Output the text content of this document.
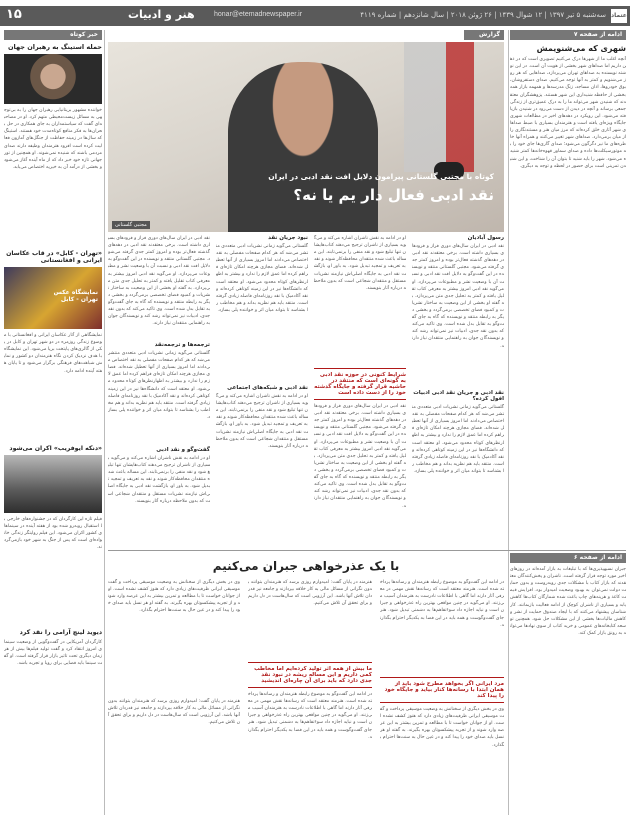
۱۵	هنر و ادبیات	honar@etemadnewspaper.ir	سه‌شنبه ۵ تیر ۱۳۹۷ | ۱۲ شوال ۱۴۳۹ | ۲۶ ژوئن ۲۰۱۸ | سال شانزدهم | شماره ۴۱۱۹ اعتماد
ادامه از صفحه ۷
شهری که می‌شنویمش
آنچه اغلب ما از شهرها درک می‌کنیم تصویری است که در ذهن داریم اما صداهای شهر بخشی از هویت آن است. در این نوشته نویسنده به صداهای تهران می‌پردازد، صداهایی که هر روز می‌شنویم و کمتر به آنها توجه می‌کنیم. صدای دستفروشان، بوق خودروها، اذان مساجد، زنگ مدرسه‌ها و همهمه بازار همه بخشی از حافظه شنیداری این شهر هستند. پژوهشگران معتقدند که شنیدن شهر می‌تواند ما را به درک عمیق‌تری از زندگی جمعی برساند و آنچه در دیدن از دست می‌رود در شنیدن بازیافته می‌شود. این رویکرد در دهه‌های اخیر در مطالعات شهری جایگاه ویژه‌ای یافته است و هنرمندان بسیاری با ضبط صداهای شهر آثاری خلق کرده‌اند که مرز میان هنر و مستندنگاری را از میان برمی‌دارد. صداهای شهر تغییر می‌کنند و همراه آنها خاطره‌های ما نیز دگرگون می‌شود؛ صدای گاری‌ها جای خود را به موتورسیکلت‌ها داده و صدای سماور قهوه‌خانه‌ها کمتر شنیده می‌شود. شهر را باید شنید تا بتوان آن را شناخت، و این شنیدن تمرینی است برای حضور در لحظه و توجه به دیگری.
خبر کوتاه
حمله استینگ به رهبران جهان
خواننده مشهور بریتانیایی رهبران جهان را به بی‌توجهی به مسائل زیست‌محیطی متهم کرد. او در مصاحبه‌ای گفت که سیاستمداران به جای همکاری در حل بحران‌ها به فکر منافع کوتاه‌مدت خود هستند. استینگ که سال‌ها در زمینه حفاظت از جنگل‌های آمازون فعالیت کرده است افزود هنرمندان وظیفه دارند صدای مردمی باشند که شنیده نمی‌شوند. او همچنین از تور جهانی تازه خود خبر داد که از ماه آینده آغاز می‌شود و بخشی از درآمد آن به خیریه اختصاص می‌یابد.
«تهران - کابل» در قاب عکاسان ایرانی و افغانستانی
نمایشگاه عکس تهران - کابل
نمایشگاهی از آثار عکاسان ایرانی و افغانستانی با موضوع زندگی روزمره در دو شهر تهران و کابل در یکی از گالری‌های پایتخت برپا می‌شود. این نمایشگاه با هدف نزدیک کردن نگاه هنرمندان دو کشور و نمایش شباهت‌های فرهنگی برگزار می‌شود و تا پایان هفته آینده ادامه دارد.
«دنکه ایوفریب» اکران می‌شود
فیلم تازه این کارگردان که در جشنواره‌های خارجی با استقبال روبه‌رو شده بود از هفته آینده در سینماهای کشور اکران می‌شود. این فیلم روایتگر زندگی خانواده‌ای است که پس از جنگ به شهر خود بازمی‌گردند.
دیوید لینچ آرامی را نقد کرد
کارگردان آمریکایی در گفت‌وگویی از وضعیت سینمای امروز انتقاد کرد و گفت تولید فیلم‌ها بیش از هر زمان دیگری تحت تاثیر بازار قرار گرفته است. او گفت سینما باید فضایی برای رویا و تجربه باشد.
گزارش
کوتاه با مجتبی گلستانی پیرامون دلایل افت نقد ادبی در ایران
نقد ادبی فعال دار یم یا نه؟
مجتبی گلستانی
رسول آبادیان
نقد ادبی در ایران سال‌های دوری فراز و فرودهای بسیاری داشته است. برخی معتقدند نقد ادبی در دهه‌های گذشته فعال‌تر بوده و امروز کمتر جدی گرفته می‌شود. مجتبی گلستانی منتقد و نویسنده در این گفت‌وگو به دلایل افت نقد ادبی و نسبت آن با وضعیت نشر و مطبوعات می‌پردازد. او می‌گوید نقد ادبی امروز بیشتر به معرفی کتاب تقلیل یافته و کمتر به تحلیل جدی متن می‌پردازد. به گفته او بخشی از این وضعیت به ساختار نشریات و کمبود فضای تخصصی برمی‌گردد و بخشی دیگر به رابطه منتقد و نویسنده که گاه به جای گفت‌وگو به تقابل بدل شده است. وی تاکید می‌کند که بدون نقد جدی، ادبیات نیز نمی‌تواند رشد کند و نویسندگان جوان به راهنمایی منتقدان نیاز دارند.
نقد ادبی و جریان نقد ادبی ادبیات افول کرده؟
گلستانی می‌گوید زمانی نشریات ادبی متعددی منتشر می‌شد که هر کدام صفحات مفصلی به نقد اختصاص می‌دادند اما امروز بسیاری از آنها تعطیل شده‌اند. فضای مجازی هرچند امکان تازه‌ای فراهم کرده اما عمق لازم را ندارد و بیشتر به اظهارنظرهای کوتاه محدود می‌شود. او معتقد است که دانشگاه‌ها نیز در این زمینه کوتاهی کرده‌اند و نقد آکادمیک با نقد روزنامه‌ای فاصله زیادی گرفته است. منتقد باید هم نظریه بداند و هم مخاطب را بشناسد تا بتواند میان اثر و خواننده پلی بسازد.
او در ادامه به نقش ناشران اشاره می‌کند و می‌گوید بسیاری از ناشران ترجیح می‌دهند کتاب‌هایشان تنها تبلیغ شود و نقد منفی را برنمی‌تابند. این مساله باعث شده منتقدان محافظه‌کار شوند و نقد به تعریف و تمجید تبدیل شود. به باور او، بازگشت نقد ادبی به جایگاه اصلی‌اش نیازمند نشریات مستقل و منتقدان شجاعی است که بدون ملاحظه درباره آثار بنویسند.
شرایط کنونی در حوزه نقد ادبی به گونه‌ای است که منتقد در حاشیه قرار گرفته و جایگاه گذشته خود را از دست داده است
نقد ادبی در ایران سال‌های دوری فراز و فرودهای بسیاری داشته است. برخی معتقدند نقد ادبی در دهه‌های گذشته فعال‌تر بوده و امروز کمتر جدی گرفته می‌شود. مجتبی گلستانی منتقد و نویسنده در این گفت‌وگو به دلایل افت نقد ادبی و نسبت آن با وضعیت نشر و مطبوعات می‌پردازد. او می‌گوید نقد ادبی امروز بیشتر به معرفی کتاب تقلیل یافته و کمتر به تحلیل جدی متن می‌پردازد. به گفته او بخشی از این وضعیت به ساختار نشریات و کمبود فضای تخصصی برمی‌گردد و بخشی دیگر به رابطه منتقد و نویسنده که گاه به جای گفت‌وگو به تقابل بدل شده است. وی تاکید می‌کند که بدون نقد جدی، ادبیات نیز نمی‌تواند رشد کند و نویسندگان جوان به راهنمایی منتقدان نیاز دارند.
نبود جریان نقد
گلستانی می‌گوید زمانی نشریات ادبی متعددی منتشر می‌شد که هر کدام صفحات مفصلی به نقد اختصاص می‌دادند اما امروز بسیاری از آنها تعطیل شده‌اند. فضای مجازی هرچند امکان تازه‌ای فراهم کرده اما عمق لازم را ندارد و بیشتر به اظهارنظرهای کوتاه محدود می‌شود. او معتقد است که دانشگاه‌ها نیز در این زمینه کوتاهی کرده‌اند و نقد آکادمیک با نقد روزنامه‌ای فاصله زیادی گرفته است. منتقد باید هم نظریه بداند و هم مخاطب را بشناسد تا بتواند میان اثر و خواننده پلی بسازد.
نقد ادبی و شبکه‌های اجتماعی
او در ادامه به نقش ناشران اشاره می‌کند و می‌گوید بسیاری از ناشران ترجیح می‌دهند کتاب‌هایشان تنها تبلیغ شود و نقد منفی را برنمی‌تابند. این مساله باعث شده منتقدان محافظه‌کار شوند و نقد به تعریف و تمجید تبدیل شود. به باور او، بازگشت نقد ادبی به جایگاه اصلی‌اش نیازمند نشریات مستقل و منتقدان شجاعی است که بدون ملاحظه درباره آثار بنویسند.
نقد ادبی در ایران سال‌های دوری فراز و فرودهای بسیاری داشته است. برخی معتقدند نقد ادبی در دهه‌های گذشته فعال‌تر بوده و امروز کمتر جدی گرفته می‌شود. مجتبی گلستانی منتقد و نویسنده در این گفت‌وگو به دلایل افت نقد ادبی و نسبت آن با وضعیت نشر و مطبوعات می‌پردازد. او می‌گوید نقد ادبی امروز بیشتر به معرفی کتاب تقلیل یافته و کمتر به تحلیل جدی متن می‌پردازد. به گفته او بخشی از این وضعیت به ساختار نشریات و کمبود فضای تخصصی برمی‌گردد و بخشی دیگر به رابطه منتقد و نویسنده که گاه به جای گفت‌وگو به تقابل بدل شده است. وی تاکید می‌کند که بدون نقد جدی، ادبیات نیز نمی‌تواند رشد کند و نویسندگان جوان به راهنمایی منتقدان نیاز دارند.
ترجمه‌ها و ترجمه‌نقد
گلستانی می‌گوید زمانی نشریات ادبی متعددی منتشر می‌شد که هر کدام صفحات مفصلی به نقد اختصاص می‌دادند اما امروز بسیاری از آنها تعطیل شده‌اند. فضای مجازی هرچند امکان تازه‌ای فراهم کرده اما عمق لازم را ندارد و بیشتر به اظهارنظرهای کوتاه محدود می‌شود. او معتقد است که دانشگاه‌ها نیز در این زمینه کوتاهی کرده‌اند و نقد آکادمیک با نقد روزنامه‌ای فاصله زیادی گرفته است. منتقد باید هم نظریه بداند و هم مخاطب را بشناسد تا بتواند میان اثر و خواننده پلی بسازد.
گفت‌وگو و نقد ادبی
او در ادامه به نقش ناشران اشاره می‌کند و می‌گوید بسیاری از ناشران ترجیح می‌دهند کتاب‌هایشان تنها تبلیغ شود و نقد منفی را برنمی‌تابند. این مساله باعث شده منتقدان محافظه‌کار شوند و نقد به تعریف و تمجید تبدیل شود. به باور او، بازگشت نقد ادبی به جایگاه اصلی‌اش نیازمند نشریات مستقل و منتقدان شجاعی است که بدون ملاحظه درباره آثار بنویسند.
ادامه از صفحه ۶
جبران نسیهپذیری‌ها که با تبلیغات به بازار آمده‌اند در روزهای اخیر مورد توجه قرار گرفته است. ناشران و پخش‌کنندگان معتقدند که بازار کتاب با مشکلات جدی روبه‌روست و بدون حمایت دولت نمی‌توان به بهبود وضعیت امیدوار بود. افزایش قیمت کاغذ و هزینه‌های چاپ باعث شده شمارگان کتاب‌ها کاهش یابد و بسیاری از ناشران کوچک از ادامه فعالیت بازبمانند. کارشناسان پیشنهاد می‌کنند که با ایجاد صندوق حمایت از نشر و کاهش مالیات‌ها بخشی از این مشکلات حل شود. همچنین توسعه کتابخانه‌های عمومی و خرید کتاب از سوی نهادها می‌تواند به رونق بازار کمک کند.
با یک عذرخواهی جبران می‌کنیم
در ادامه این گفت‌وگو به موضوع رابطه هنرمندان و رسانه‌ها پرداخته شده است. هنرمند معتقد است که رسانه‌ها نقش مهمی در معرفی آثار دارند اما گاهی با اطلاعات نادرست به هنرمندان آسیب می‌زنند. او می‌گوید در چنین مواقعی بهترین راه عذرخواهی و جبران است و نباید اجازه داد سوءتفاهم‌ها به دشمنی تبدیل شود. هنر جای گفت‌وگوست و همه باید در این فضا به یکدیگر احترام بگذارند.
مرد ایرانی اگر بخواهد مطرح شود باید از همان ابتدا با رسانه‌ها کنار بیاید و جایگاه خود را پیدا کند
وی در بخش دیگری از سخنانش به وضعیت موسیقی پرداخت و گفت موسیقی ایرانی ظرفیت‌های زیادی دارد که هنوز کشف نشده است. او از جوانان خواست تا با مطالعه و تمرین بیشتر به این عرصه وارد شوند و از تجربه پیشکسوتان بهره بگیرند. به گفته او هر نسل باید صدای خود را پیدا کند و در عین حال به سنت‌ها احترام بگذارد.
هنرمند در پایان گفت: امیدوارم روزی برسد که هنرمندان بتوانند بدون نگرانی از مسائل مالی به کار خلاقه بپردازند و جامعه نیز قدردان تلاش آنها باشد. این آرزویی است که سال‌هاست در دل داریم و برای تحقق آن تلاش می‌کنیم.
ما بیش از همه اثر تولید کرده‌ایم اما مخاطب کمی داریم و این مساله ریشه در نبود نقد جدی دارد که باید برای آن چاره‌ای اندیشید
در ادامه این گفت‌وگو به موضوع رابطه هنرمندان و رسانه‌ها پرداخته شده است. هنرمند معتقد است که رسانه‌ها نقش مهمی در معرفی آثار دارند اما گاهی با اطلاعات نادرست به هنرمندان آسیب می‌زنند. او می‌گوید در چنین مواقعی بهترین راه عذرخواهی و جبران است و نباید اجازه داد سوءتفاهم‌ها به دشمنی تبدیل شود. هنر جای گفت‌وگوست و همه باید در این فضا به یکدیگر احترام بگذارند.
وی در بخش دیگری از سخنانش به وضعیت موسیقی پرداخت و گفت موسیقی ایرانی ظرفیت‌های زیادی دارد که هنوز کشف نشده است. او از جوانان خواست تا با مطالعه و تمرین بیشتر به این عرصه وارد شوند و از تجربه پیشکسوتان بهره بگیرند. به گفته او هر نسل باید صدای خود را پیدا کند و در عین حال به سنت‌ها احترام بگذارد.
هنرمند در پایان گفت: امیدوارم روزی برسد که هنرمندان بتوانند بدون نگرانی از مسائل مالی به کار خلاقه بپردازند و جامعه نیز قدردان تلاش آنها باشد. این آرزویی است که سال‌هاست در دل داریم و برای تحقق آن تلاش می‌کنیم.
